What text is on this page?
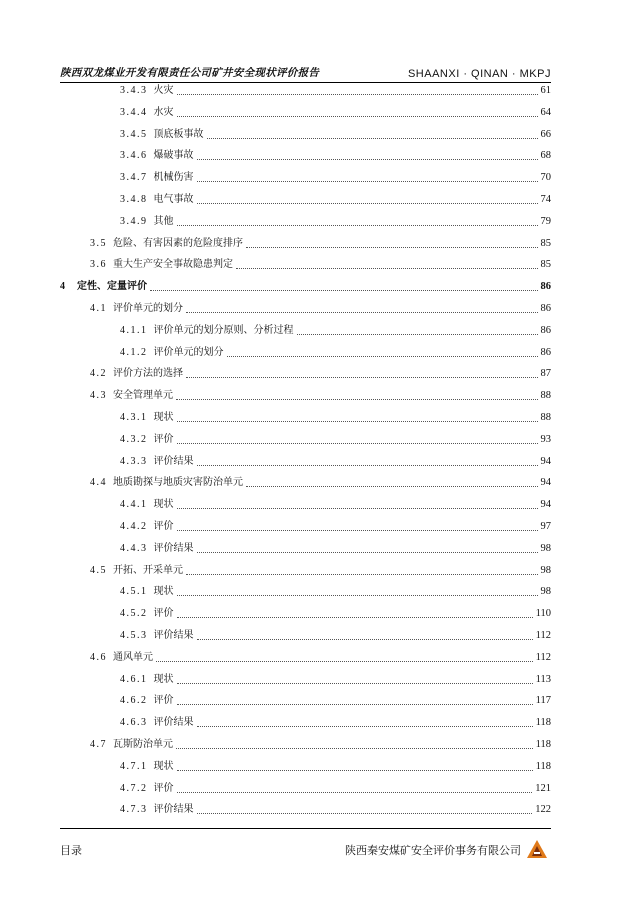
陕西双龙煤业开发有限责任公司矿井安全现状评价报告	SHAANXI · QINAN · MKPJ
3.4.3 火灾	61
3.4.4 水灾	64
3.4.5 顶底板事故	66
3.4.6 爆破事故	68
3.4.7 机械伤害	70
3.4.8 电气事故	74
3.4.9 其他	79
3.5 危险、有害因素的危险度排序	85
3.6 重大生产安全事故隐患判定	85
4 定性、定量评价	86
4.1 评价单元的划分	86
4.1.1 评价单元的划分原则、分析过程	86
4.1.2 评价单元的划分	86
4.2 评价方法的选择	87
4.3 安全管理单元	88
4.3.1 现状	88
4.3.2 评价	93
4.3.3 评价结果	94
4.4 地质勘探与地质灾害防治单元	94
4.4.1 现状	94
4.4.2 评价	97
4.4.3 评价结果	98
4.5 开拓、开采单元	98
4.5.1 现状	98
4.5.2 评价	110
4.5.3 评价结果	112
4.6 通风单元	112
4.6.1 现状	113
4.6.2 评价	117
4.6.3 评价结果	118
4.7 瓦斯防治单元	118
4.7.1 现状	118
4.7.2 评价	121
4.7.3 评价结果	122
目录	陕西秦安煤矿安全评价事务有限公司
